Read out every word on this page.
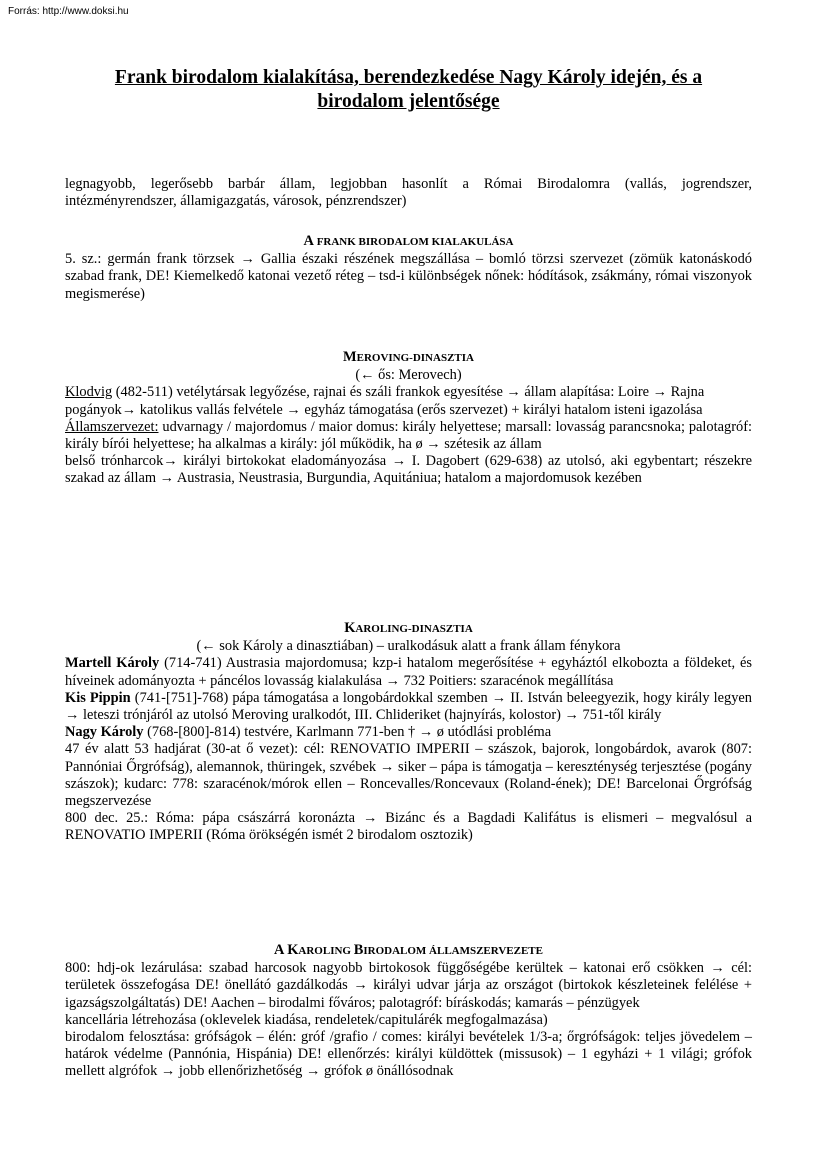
Forrás: http://www.doksi.hu
Frank birodalom kialakítása, berendezkedése Nagy Károly idején, és a
birodalom jelentősége
legnagyobb, legerősebb barbár állam, legjobban hasonlít a Római Birodalomra (vallás, jogrendszer, intézményrendszer, államigazgatás, városok, pénzrendszer)

A FRANK BIRODALOM KIALAKULÁSA

5. sz.: germán frank törzsek → Gallia északi részének megszállása – bomló törzsi szervezet (zömük katonáskodó szabad frank, DE! Kiemelkedő katonai vezető réteg – tsd-i különbségek nőnek: hódítások, zsákmány, római viszonyok megismerése)

MEROVING-DINASZTIA

(← ős: Merovech)

Klodvig (482-511) vetélytársak legyőzése, rajnai és száli frankok egyesítése → állam alapítása: Loire → Rajna

pogányok→ katolikus vallás felvétele → egyház támogatása (erős szervezet) + királyi hatalom isteni igazolása

Államszervezet: udvarnagy / majordomus / maior domus: király helyettese; marsall: lovasság parancsnoka; palotagróf: király bírói helyettese; ha alkalmas a király: jól működik, ha ø → szétesik az állam

belső trónharcok→ királyi birtokokat eladományozása → I. Dagobert (629-638) az utolsó, aki egybentart; részekre szakad az állam → Austrasia, Neustrasia, Burgundia, Aquitániua; hatalom a majordomusok kezében

KAROLING-DINASZTIA

(← sok Károly a dinasztiában) – uralkodásuk alatt a frank állam fénykora

Martell Károly (714-741) Austrasia majordomusa; kzp-i hatalom megerősítése + egyháztól elkobozta a földeket, és híveinek adományozta + páncélos lovasság kialakulása → 732 Poitiers: szaracénok megállítása

Kis Pippin (741-[751]-768) pápa támogatása a longobárdokkal szemben → II. István beleegyezik, hogy király legyen → leteszi trónjáról az utolsó Meroving uralkodót, III. Chlideriket (hajnyírás, kolostor) → 751-től király

Nagy Károly (768-[800]-814) testvére, Karlmann 771-ben † → ø utódlási probléma

47 év alatt 53 hadjárat (30-at ő vezet): cél: RENOVATIO IMPERII – szászok, bajorok, longobárdok, avarok (807: Pannóniai Őrgrófság), alemannok, thüringek, szvébek → siker – pápa is támogatja – kereszténység terjesztése (pogány szászok); kudarc: 778: szaracénok/mórok ellen – Roncevalles/Roncevaux (Roland-ének); DE! Barcelonai Őrgrófság megszervezése

800 dec. 25.: Róma: pápa császárrá koronázta → Bizánc és a Bagdadi Kalifátus is elismeri – megvalósul a RENOVATIO IMPERII (Róma örökségén ismét 2 birodalom osztozik)

A KAROLING BIRODALOM ÁLLAMSZERVEZETE

800: hdj-ok lezárulása: szabad harcosok nagyobb birtokosok függőségébe kerültek – katonai erő csökken → cél: területek összefogása DE! önellátó gazdálkodás → királyi udvar járja az országot (birtokok készleteinek felélése + igazságszolgáltatás) DE! Aachen – birodalmi főváros; palotagróf: bíráskodás; kamarás – pénzügyek

kancellária létrehozása (oklevelek kiadása, rendeletek/capitulárék megfogalmazása)

birodalom felosztása: grófságok – élén: gróf /grafio / comes: királyi bevételek 1/3-a; őrgrófságok: teljes jövedelem – határok védelme (Pannónia, Hispánia) DE! ellenőrzés: királyi küldöttek (missusok) – 1 egyházi + 1 világi; grófok mellett algrófok → jobb ellenőrizhetőség → grófok ø önállósodnak
